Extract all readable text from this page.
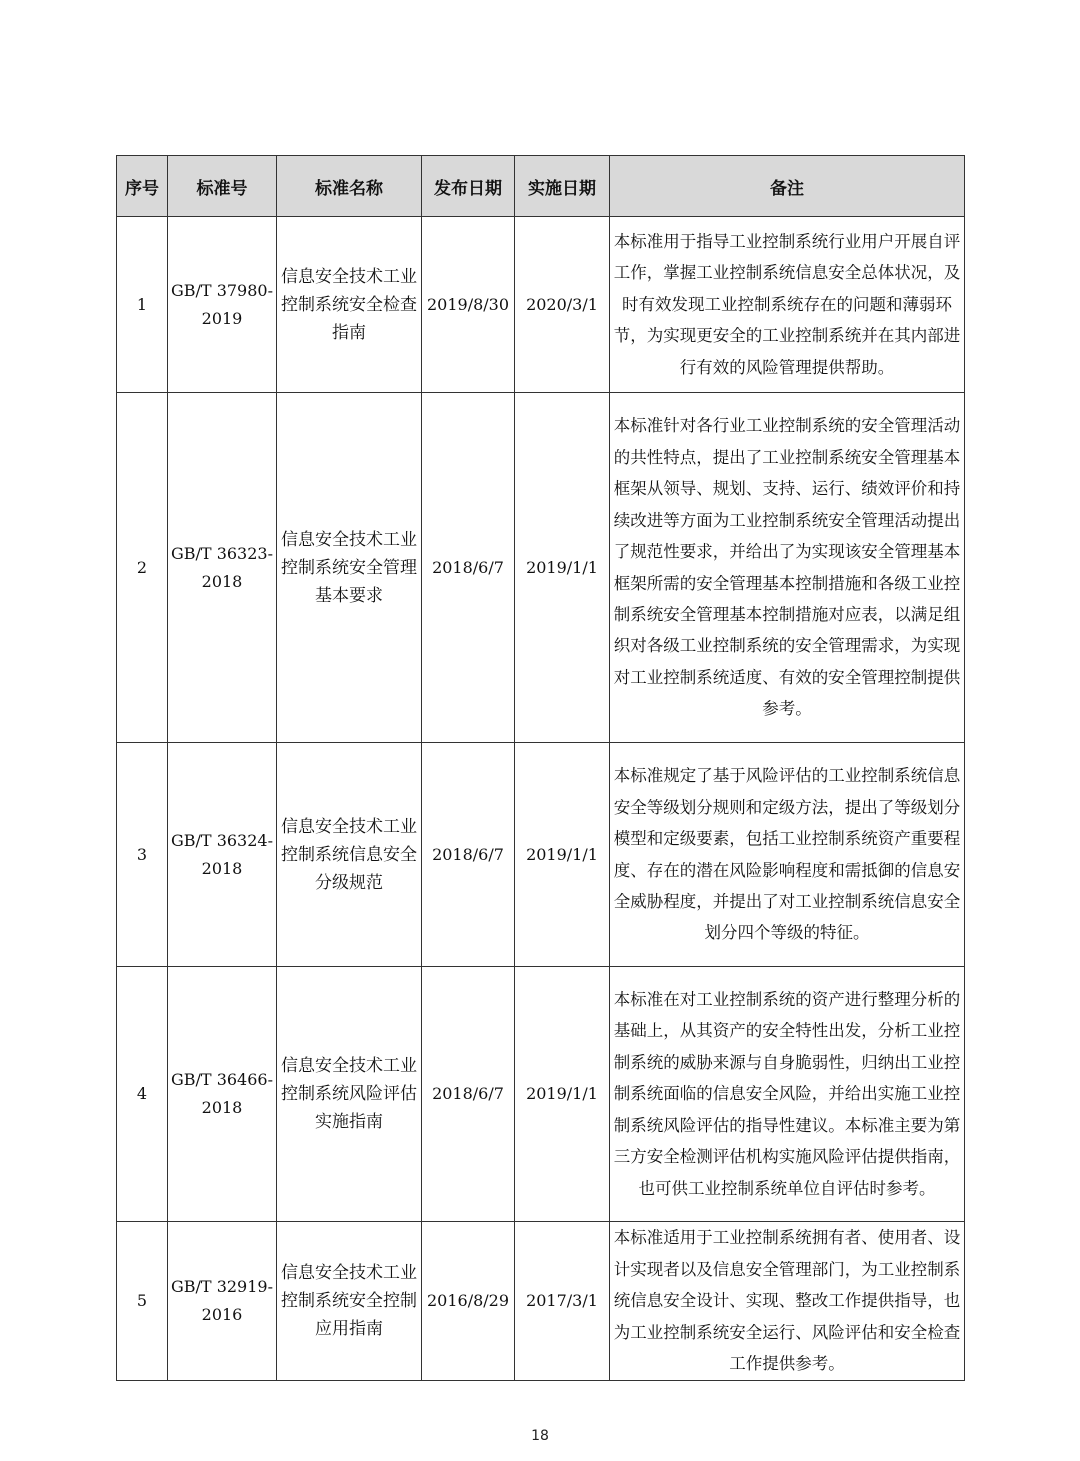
序号	标准号	标准名称	发布日期	实施日期	备注
1	GB/T 37980-2019	信息安全技术工业控制系统安全检查指南	2019/8/30	2020/3/1	本标准用于指导工业控制系统行业用户开展自评工作，掌握工业控制系统信息安全总体状况，及时有效发现工业控制系统存在的问题和薄弱环节，为实现更安全的工业控制系统并在其内部进行有效的风险管理提供帮助。
2	GB/T 36323-2018	信息安全技术工业控制系统安全管理基本要求	2018/6/7	2019/1/1	本标准针对各行业工业控制系统的安全管理活动的共性特点，提出了工业控制系统安全管理基本框架从领导、规划、支持、运行、绩效评价和持续改进等方面为工业控制系统安全管理活动提出了规范性要求，并给出了为实现该安全管理基本框架所需的安全管理基本控制措施和各级工业控制系统安全管理基本控制措施对应表，以满足组织对各级工业控制系统的安全管理需求，为实现对工业控制系统适度、有效的安全管理控制提供参考。
3	GB/T 36324-2018	信息安全技术工业控制系统信息安全分级规范	2018/6/7	2019/1/1	本标准规定了基于风险评估的工业控制系统信息安全等级划分规则和定级方法，提出了等级划分模型和定级要素，包括工业控制系统资产重要程度、存在的潜在风险影响程度和需抵御的信息安全威胁程度，并提出了对工业控制系统信息安全划分四个等级的特征。
4	GB/T 36466-2018	信息安全技术工业控制系统风险评估实施指南	2018/6/7	2019/1/1	本标准在对工业控制系统的资产进行整理分析的基础上，从其资产的安全特性出发，分析工业控制系统的威胁来源与自身脆弱性，归纳出工业控制系统面临的信息安全风险，并给出实施工业控制系统风险评估的指导性建议。本标准主要为第三方安全检测评估机构实施风险评估提供指南，也可供工业控制系统单位自评估时参考。
5	GB/T 32919-2016	信息安全技术工业控制系统安全控制应用指南	2016/8/29	2017/3/1	本标准适用于工业控制系统拥有者、使用者、设计实现者以及信息安全管理部门，为工业控制系统信息安全设计、实现、整改工作提供指导，也为工业控制系统安全运行、风险评估和安全检查工作提供参考。
18
